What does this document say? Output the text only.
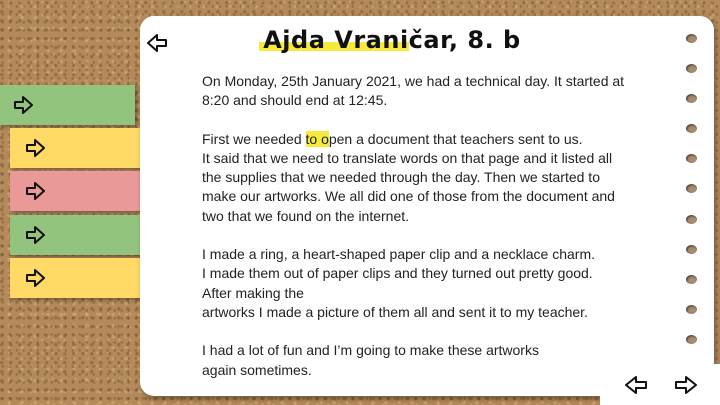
Ajda Vraničar, 8. b

On Monday, 25th January 2021, we had a technical day. It started at
8:20 and should end at 12:45.

First we needed to open a document that teachers sent to us.
It said that we need to translate words on that page and it listed all
the supplies that we needed through the day. Then we started to
make our artworks. We all did one of those from the document and
two that we found on the internet.

I made a ring, a heart-shaped paper clip and a necklace charm.
I made them out of paper clips and they turned out pretty good.
After making the
artworks I made a picture of them all and sent it to my teacher.

I had a lot of fun and I’m going to make these artworks
again sometimes.
